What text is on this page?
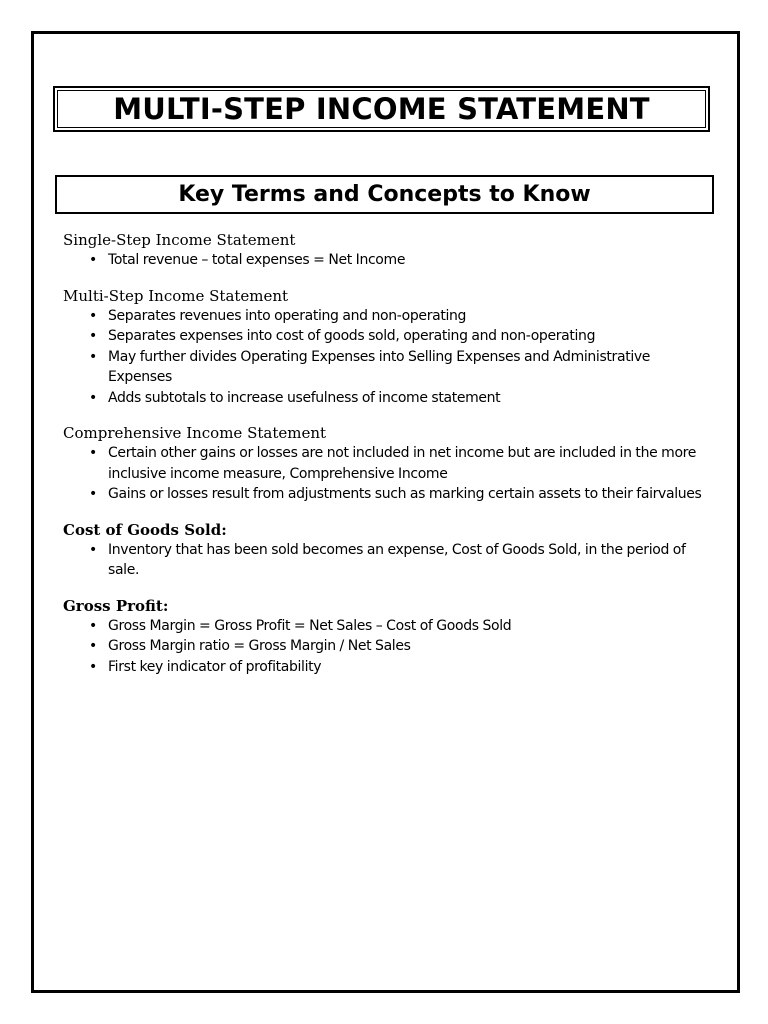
MULTI-STEP INCOME STATEMENT
Key Terms and Concepts to Know

Single-Step Income Statement

• Total revenue – total expenses = Net Income

Multi-Step Income Statement

• Separates revenues into operating and non-operating
• Separates expenses into cost of goods sold, operating and non-operating
• May further divides Operating Expenses into Selling Expenses and Administrative Expenses
• Adds subtotals to increase usefulness of income statement

Comprehensive Income Statement

• Certain other gains or losses are not included in net income but are included in the more inclusive income measure, Comprehensive Income
• Gains or losses result from adjustments such as marking certain assets to their fairvalues

Cost of Goods Sold:

• Inventory that has been sold becomes an expense, Cost of Goods Sold, in the period of sale.

Gross Profit:

• Gross Margin = Gross Profit = Net Sales – Cost of Goods Sold
• Gross Margin ratio = Gross Margin / Net Sales
• First key indicator of profitability
